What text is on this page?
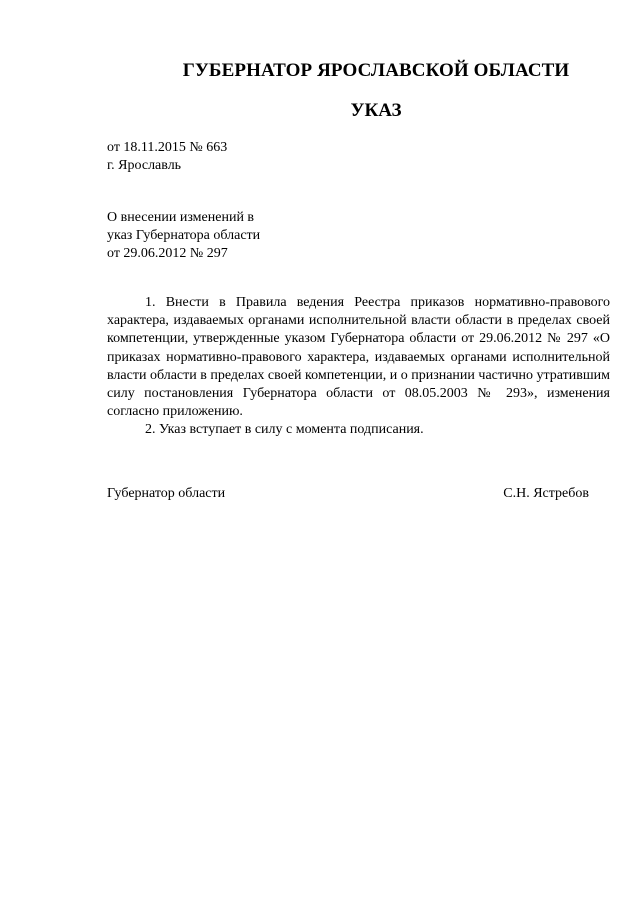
ГУБЕРНАТОР ЯРОСЛАВСКОЙ ОБЛАСТИ
УКАЗ
от 18.11.2015 № 663
г. Ярославль
О внесении изменений в
указ Губернатора области
от 29.06.2012 № 297

1. Внести в Правила ведения Реестра приказов нормативно-правового характера, издаваемых органами исполнительной власти области в пределах своей компетенции, утвержденные указом Губернатора области от 29.06.2012 № 297 «О приказах нормативно-правового характера, издаваемых органами исполнительной власти области в пределах своей компетенции, и о признании частично утратившим силу постановления Губернатора области от 08.05.2003 № 293», изменения согласно приложению.

2. Указ вступает в силу с момента подписания.

Губернатор области	С.Н. Ястребов
